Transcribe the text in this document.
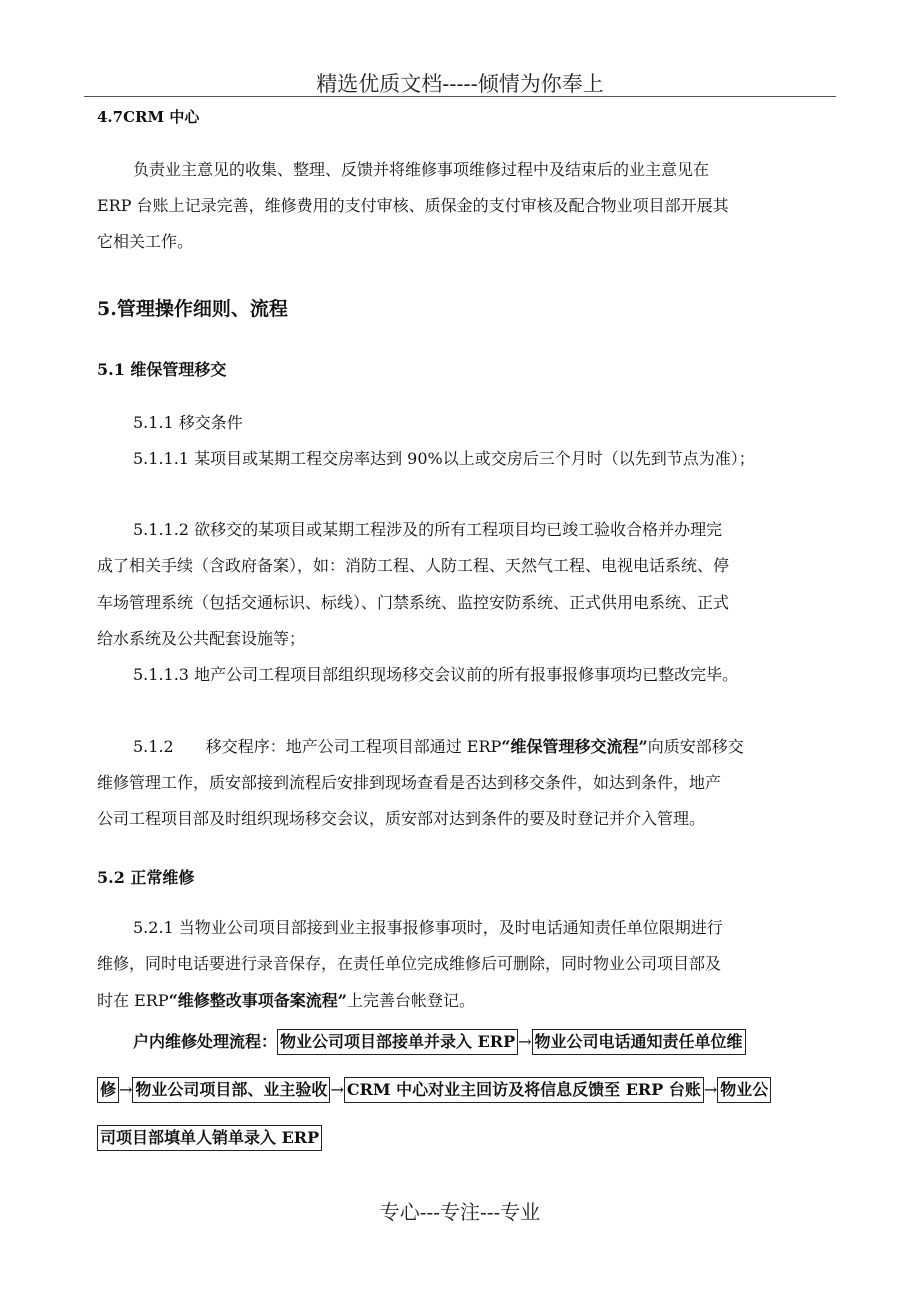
精选优质文档-----倾情为你奉上
4.7CRM 中心
负责业主意见的收集、整理、反馈并将维修事项维修过程中及结束后的业主意见在
ERP 台账上记录完善，维修费用的支付审核、质保金的支付审核及配合物业项目部开展其
它相关工作。
5.管理操作细则、流程
5.1 维保管理移交
5.1.1 移交条件
5.1.1.1 某项目或某期工程交房率达到 90%以上或交房后三个月时（以先到节点为准）；
5.1.1.2 欲移交的某项目或某期工程涉及的所有工程项目均已竣工验收合格并办理完
成了相关手续（含政府备案），如：消防工程、人防工程、天然气工程、电视电话系统、停
车场管理系统（包括交通标识、标线）、门禁系统、监控安防系统、正式供用电系统、正式
给水系统及公共配套设施等；
5.1.1.3 地产公司工程项目部组织现场移交会议前的所有报事报修事项均已整改完毕。
5.1.2　　移交程序：地产公司工程项目部通过 ERP“维保管理移交流程”向质安部移交
维修管理工作，质安部接到流程后安排到现场查看是否达到移交条件，如达到条件，地产
公司工程项目部及时组织现场移交会议，质安部对达到条件的要及时登记并介入管理。
5.2 正常维修
5.2.1 当物业公司项目部接到业主报事报修事项时，及时电话通知责任单位限期进行
维修，同时电话要进行录音保存，在责任单位完成维修后可删除，同时物业公司项目部及
时在 ERP“维修整改事项备案流程”上完善台帐登记。
户内维修处理流程： 物业公司项目部接单并录入 ERP → 物业公司电话通知责任单位维
修 → 物业公司项目部、业主验收 → CRM 中心对业主回访及将信息反馈至 ERP 台账 → 物业公
司项目部填单人销单录入 ERP
专心---专注---专业
